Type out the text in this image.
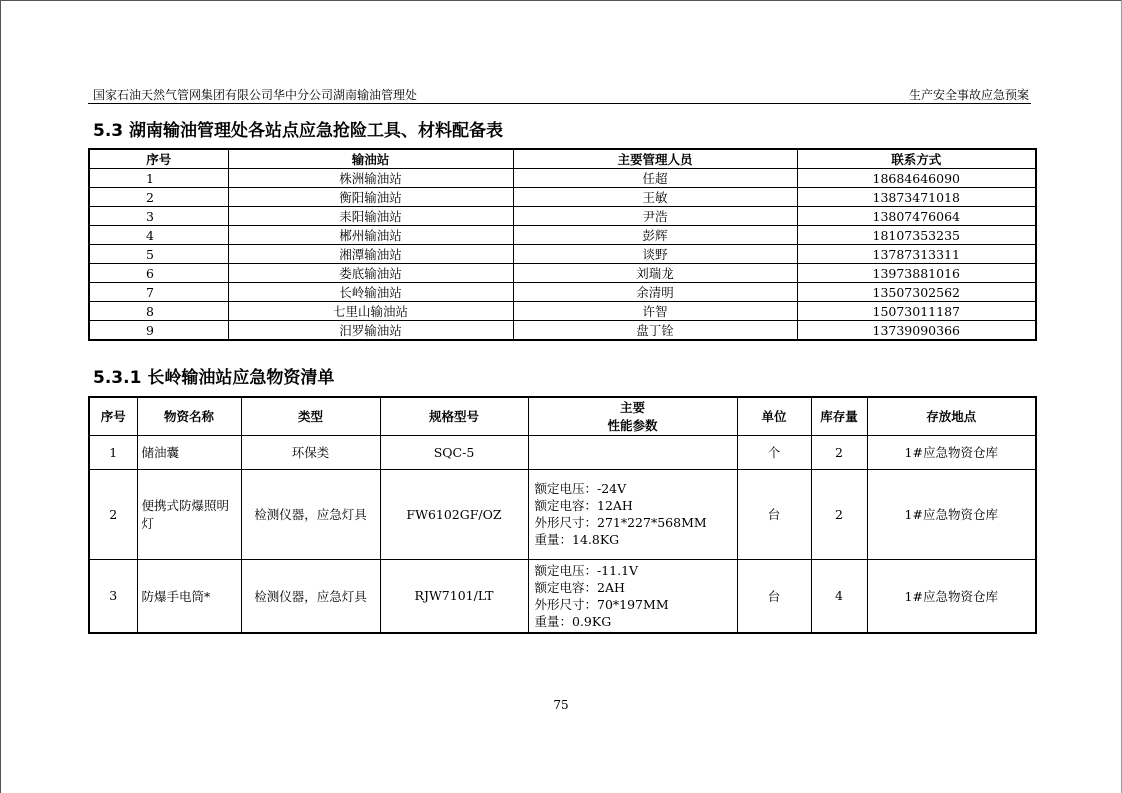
国家石油天然气管网集团有限公司华中分公司湖南输油管理处	生产安全事故应急预案
5.3 湖南输油管理处各站点应急抢险工具、材料配备表
序号	输油站	主要管理人员	联系方式
1	株洲输油站	任超	18684646090
2	衡阳输油站	王敏	13873471018
3	耒阳输油站	尹浩	13807476064
4	郴州输油站	彭辉	18107353235
5	湘潭输油站	谈野	13787313311
6	娄底输油站	刘瑞龙	13973881016
7	长岭输油站	余清明	13507302562
8	七里山输油站	许智	15073011187
9	汨罗输油站	盘丁铨	13739090366
5.3.1 长岭输油站应急物资清单
序号	物资名称	类型	规格型号	主要
性能参数	单位	库存量	存放地点
1	储油囊	环保类	SQC-5		个	2	1#应急物资仓库
2	便携式防爆照明灯	检测仪器，应急灯具	FW6102GF/OZ	额定电压：-24V
额定电容：12AH
外形尺寸：271*227*568MM
重量：14.8KG	台	2	1#应急物资仓库
3	防爆手电筒*	检测仪器，应急灯具	RJW7101/LT	额定电压：-11.1V
额定电容：2AH
外形尺寸：70*197MM
重量：0.9KG	台	4	1#应急物资仓库
75
